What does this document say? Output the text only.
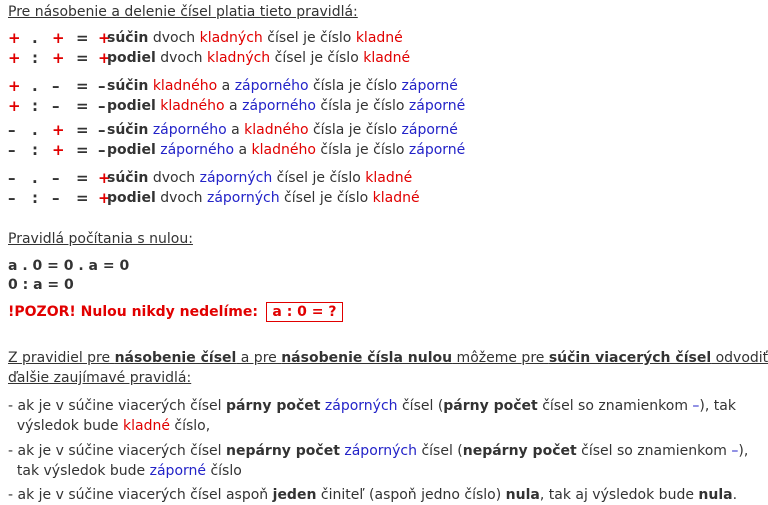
Pre násobenie a delenie čísel platia tieto pravidlá:
+ . + = +
súčin dvoch kladných čísel je číslo kladné
+ : + = +
podiel dvoch kladných čísel je číslo kladné
+ . – = – súčin kladného a záporného čísla je číslo záporné
+ : – = – podiel kladného a záporného čísla je číslo záporné
– . + = – súčin záporného a kladného čísla je číslo záporné
– : + = – podiel záporného a kladného čísla je číslo záporné
– . – = +
súčin dvoch záporných čísel je číslo kladné
– : – = +
podiel dvoch záporných čísel je číslo kladné
Pravidlá počítania s nulou:
a . 0 = 0 . a = 0
0 : a = 0
!POZOR! Nulou nikdy nedelíme: a : 0 = ?
Z pravidiel pre násobenie čísel a pre násobenie čísla nulou môžeme pre súčin viacerých čísel odvodiť
ďalšie zaujímavé pravidlá:
- ak je v súčine viacerých čísel párny počet záporných čísel (párny počet čísel so znamienkom –), tak
výsledok bude kladné číslo,
- ak je v súčine viacerých čísel nepárny počet záporných čísel (nepárny počet čísel so znamienkom –),
tak výsledok bude záporné číslo
- ak je v súčine viacerých čísel aspoň jeden činiteľ (aspoň jedno číslo) nula, tak aj výsledok bude nula.
